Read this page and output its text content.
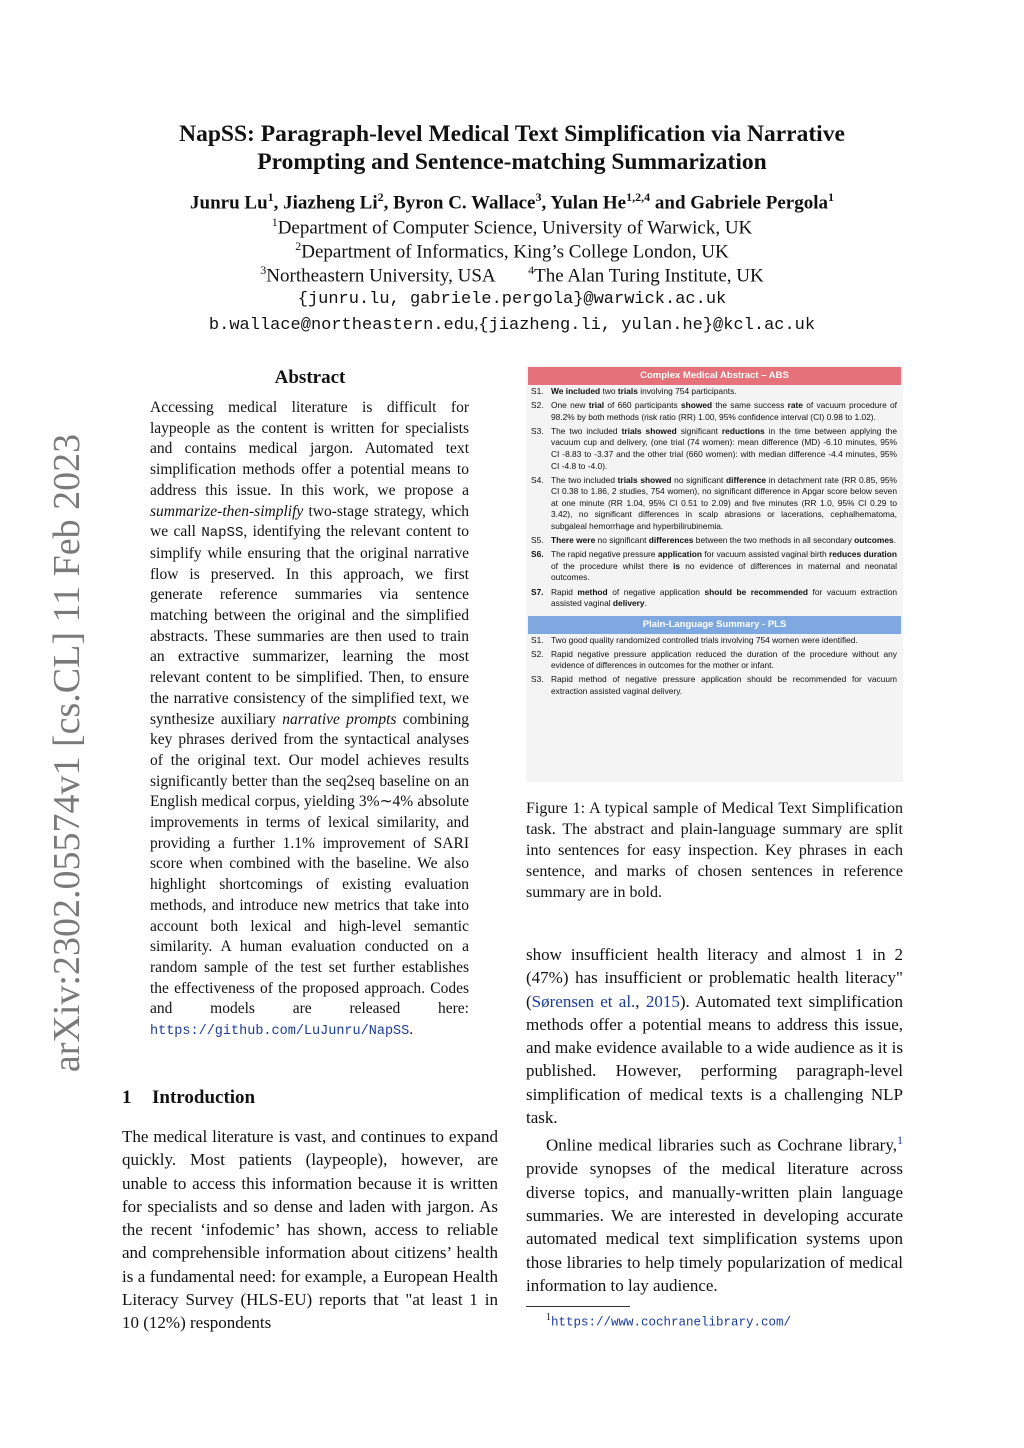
arXiv:2302.05574v1 [cs.CL] 11 Feb 2023
NapSS: Paragraph-level Medical Text Simplification via Narrative
Prompting and Sentence-matching Summarization
Junru Lu$^1$, Jiazheng Li$^2$, Byron C. Wallace$^3$, Yulan He$^{1,2,4}$ and Gabriele Pergola$^1$
$^1$Department of Computer Science, University of Warwick, UK
$^2$Department of Informatics, King’s College London, UK
$^3$Northeastern University, USA	$^4$The Alan Turing Institute, UK
{junru.lu, gabriele.pergola}@warwick.ac.uk
b.wallace@northeastern.edu,{jiazheng.li, yulan.he}@kcl.ac.uk
Abstract
Accessing medical literature is difficult for laypeople as the content is written for specialists and contains medical jargon. Automated text simplification methods offer a potential means to address this issue. In this work, we propose a summarize-then-simplify two-stage strategy, which we call NapSS, identifying the relevant content to simplify while ensuring that the original narrative flow is preserved. In this approach, we first generate reference summaries via sentence matching between the original and the simplified abstracts. These summaries are then used to train an extractive summarizer, learning the most relevant content to be simplified. Then, to ensure the narrative consistency of the simplified text, we synthesize auxiliary narrative prompts combining key phrases derived from the syntactical analyses of the original text. Our model achieves results significantly better than the seq2seq baseline on an English medical corpus, yielding 3%∼4% absolute improvements in terms of lexical similarity, and providing a further 1.1% improvement of SARI score when combined with the baseline. We also highlight shortcomings of existing evaluation methods, and introduce new metrics that take into account both lexical and high-level semantic similarity. A human evaluation conducted on a random sample of the test set further establishes the effectiveness of the proposed approach. Codes and models are released here: https://github.com/LuJunru/NapSS.
1 Introduction
The medical literature is vast, and continues to expand quickly. Most patients (laypeople), however, are unable to access this information because it is written for specialists and so dense and laden with jargon. As the recent ‘infodemic’ has shown, access to reliable and comprehensible information about citizens’ health is a fundamental need: for example, a European Health Literacy Survey (HLS-EU) reports that "at least 1 in 10 (12%) respondents
Complex Medical Abstract – ABS
S1. We included two trials involving 754 participants.
S2. One new trial of 660 participants showed the same success rate of vacuum procedure of 98.2% by both methods (risk ratio (RR) 1.00, 95% confidence interval (CI) 0.98 to 1.02).
S3. The two included trials showed significant reductions in the time between applying the vacuum cup and delivery, (one trial (74 women): mean difference (MD) -6.10 minutes, 95% CI -8.83 to -3.37 and the other trial (660 women): with median difference -4.4 minutes, 95% CI -4.8 to -4.0).
S4. The two included trials showed no significant difference in detachment rate (RR 0.85, 95% CI 0.38 to 1.86, 2 studies, 754 women), no significant difference in Apgar score below seven at one minute (RR 1.04, 95% CI 0.51 to 2.09) and five minutes (RR 1.0, 95% CI 0.29 to 3.42), no significant differences in scalp abrasions or lacerations, cephalhematoma, subgaleal hemorrhage and hyperbilirubinemia.
S5. There were no significant differences between the two methods in all secondary outcomes.
S6. The rapid negative pressure application for vacuum assisted vaginal birth reduces duration of the procedure whilst there is no evidence of differences in maternal and neonatal outcomes.
S7. Rapid method of negative application should be recommended for vacuum extraction assisted vaginal delivery.
Plain-Language Summary - PLS
S1. Two good quality randomized controlled trials involving 754 women were identified.
S2. Rapid negative pressure application reduced the duration of the procedure without any evidence of differences in outcomes for the mother or infant.
S3. Rapid method of negative pressure application should be recommended for vacuum extraction assisted vaginal delivery.
Figure 1: A typical sample of Medical Text Simplification task. The abstract and plain-language summary are split into sentences for easy inspection. Key phrases in each sentence, and marks of chosen sentences in reference summary are in bold.

show insufficient health literacy and almost 1 in 2 (47%) has insufficient or problematic health literacy" (Sørensen et al., 2015). Automated text simplification methods offer a potential means to address this issue, and make evidence available to a wide audience as it is published. However, performing paragraph-level simplification of medical texts is a challenging NLP task.

Online medical libraries such as Cochrane library,$^1$ provide synopses of the medical literature across diverse topics, and manually-written plain language summaries. We are interested in developing accurate automated medical text simplification systems upon those libraries to help timely popularization of medical information to lay audience.

$^1$https://www.cochranelibrary.com/
